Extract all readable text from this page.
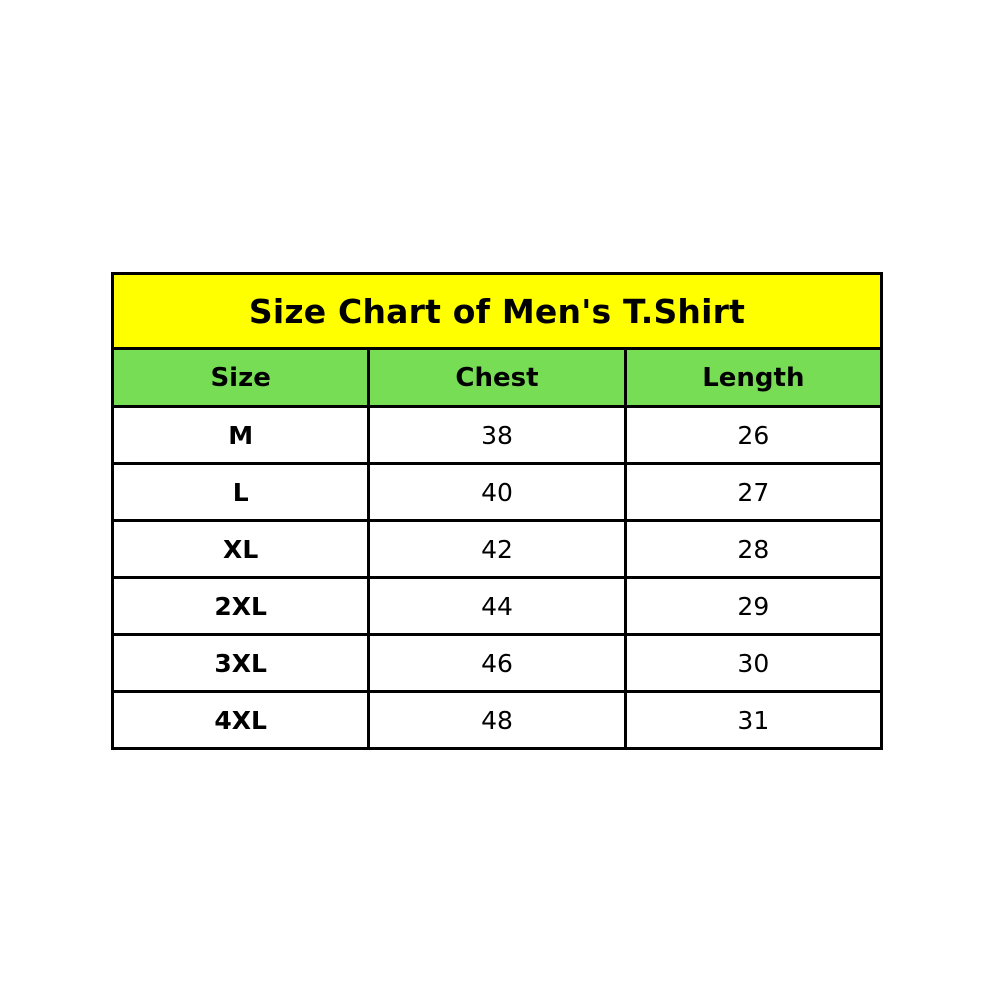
Size Chart of Men's T.Shirt		
Size	Chest	Length
M	38	26
L	40	27
XL	42	28
2XL	44	29
3XL	46	30
4XL	48	31
